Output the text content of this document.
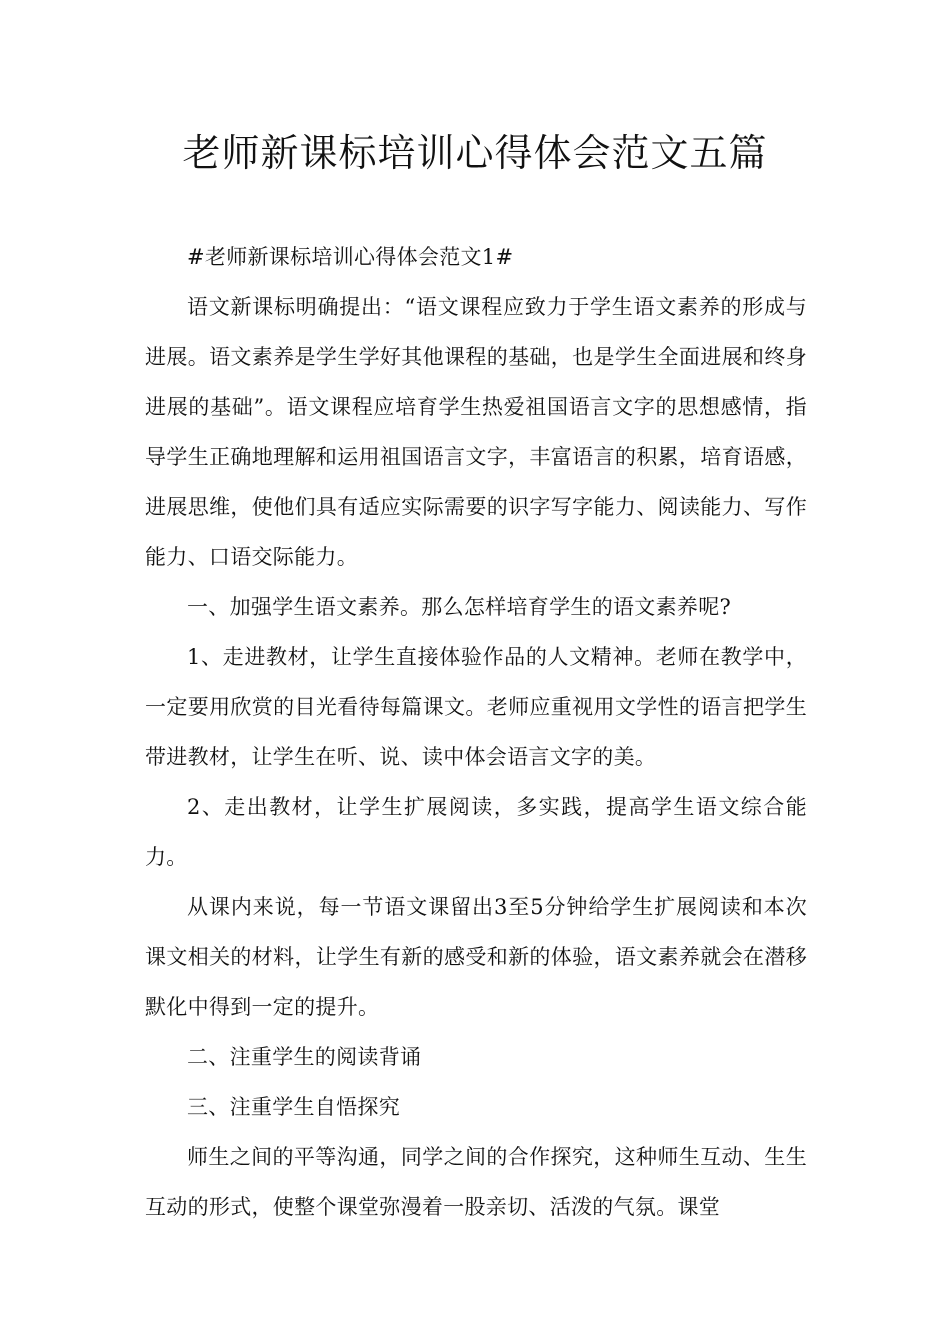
老师新课标培训心得体会范文五篇

#老师新课标培训心得体会范文1#

语文新课标明确提出：“语文课程应致力于学生语文素养的形成与进展。语文素养是学生学好其他课程的基础，也是学生全面进展和终身进展的基础”。语文课程应培育学生热爱祖国语言文字的思想感情，指导学生正确地理解和运用祖国语言文字，丰富语言的积累，培育语感，进展思维，使他们具有适应实际需要的识字写字能力、阅读能力、写作能力、口语交际能力。

一、加强学生语文素养。那么怎样培育学生的语文素养呢?

1、走进教材，让学生直接体验作品的人文精神。老师在教学中，一定要用欣赏的目光看待每篇课文。老师应重视用文学性的语言把学生带进教材，让学生在听、说、读中体会语言文字的美。

2、走出教材，让学生扩展阅读，多实践，提高学生语文综合能力。

从课内来说，每一节语文课留出3至5分钟给学生扩展阅读和本次课文相关的材料，让学生有新的感受和新的体验，语文素养就会在潜移默化中得到一定的提升。

二、注重学生的阅读背诵

三、注重学生自悟探究

师生之间的平等沟通，同学之间的合作探究，这种师生互动、生生互动的形式，使整个课堂弥漫着一股亲切、活泼的气氛。课堂
